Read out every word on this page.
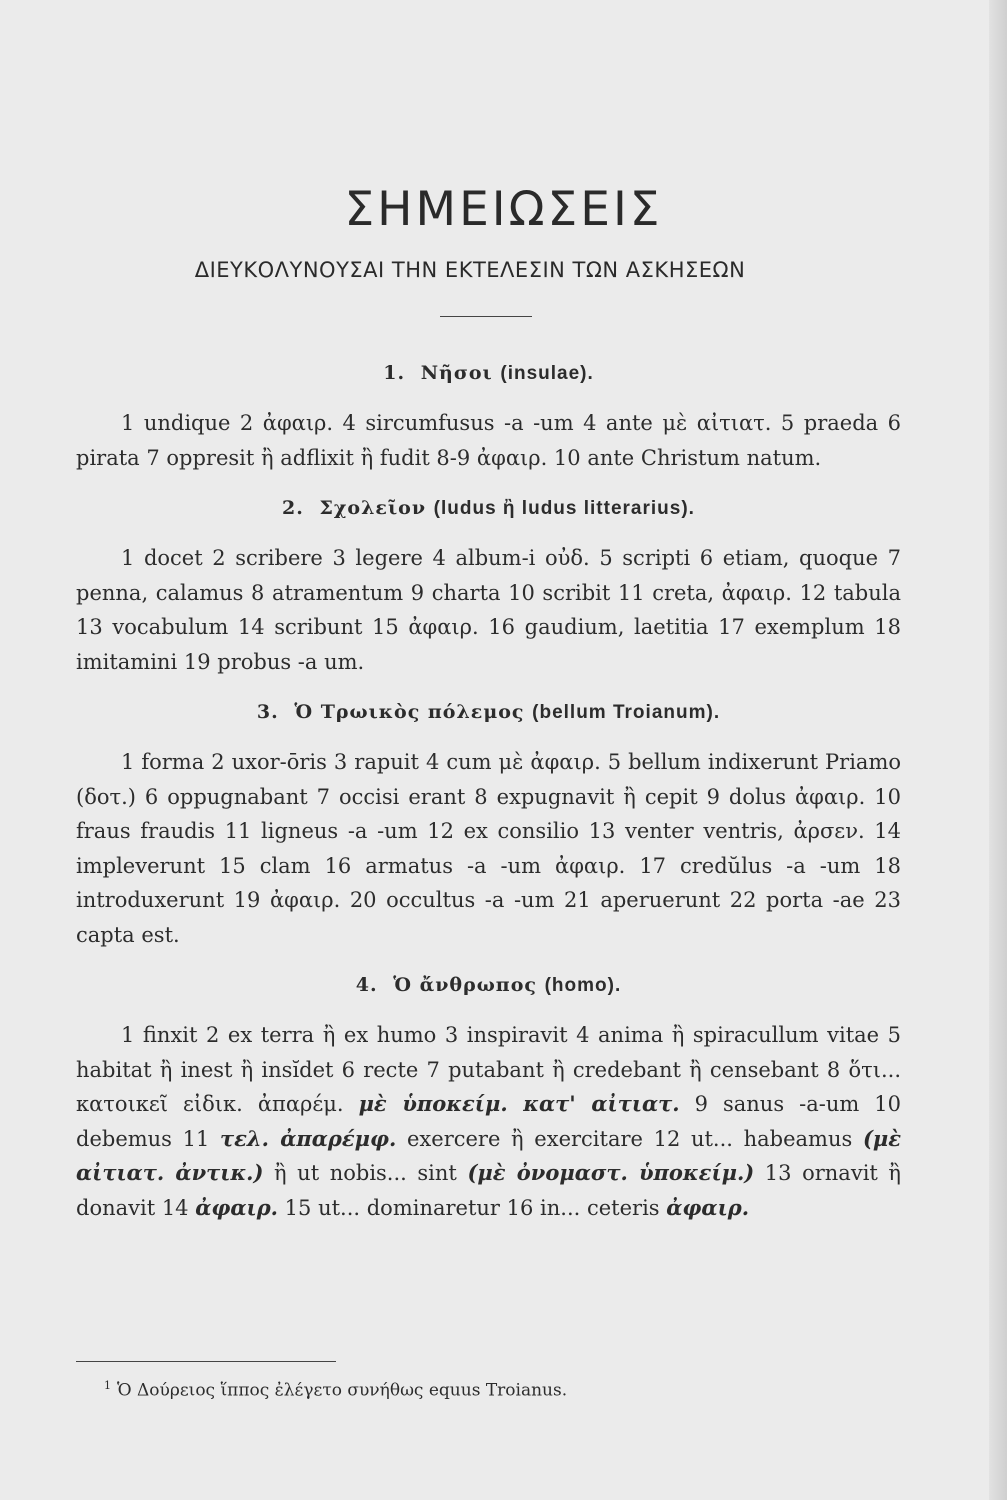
ΣΗΜΕΙΩΣΕΙΣ
ΔΙΕΥΚΟΛΥΝΟΥΣΑΙ ΤΗΝ ΕΚΤΕΛΕΣΙΝ ΤΩΝ ΑΣΚΗΣΕΩΝ
1. Νῆσοι (insulae).

1 undique 2 ἀφαιρ. 4 sircumfusus -a -um 4 ante μὲ αἰτιατ. 5 praeda 6 pirata 7 oppresit ἢ adflixit ἢ fudit 8-9 ἀφαιρ. 10 ante Christum natum.

2. Σχολεῖον (ludus ἢ ludus litterarius).

1 docet 2 scribere 3 legere 4 album-i οὐδ. 5 scripti 6 etiam, quoque 7 penna, calamus 8 atramentum 9 charta 10 scribit 11 creta, ἀφαιρ. 12 tabula 13 vocabulum 14 scribunt 15 ἀφαιρ. 16 gaudium, laetitia 17 exemplum 18 imitamini 19 probus -a um.

3. Ὁ Τρωικὸς πόλεμος (bellum Troianum).

1 forma 2 uxor-ōris 3 rapuit 4 cum μὲ ἀφαιρ. 5 bellum indixerunt Priamo (δοτ.) 6 oppugnabant 7 occisi erant 8 expugnavit ἢ cepit 9 dolus ἀφαιρ. 10 fraus fraudis 11 ligneus -a -um 12 ex consilio 13 venter ventris, ἀρσεν. 14 impleverunt 15 clam 16 armatus -a -um ἀφαιρ. 17 credŭlus -a -um 18 introduxerunt 19 ἀφαιρ. 20 occultus -a -um 21 aperuerunt 22 porta -ae 23 capta est.

4. Ὁ ἄνθρωπος (homo).

1 finxit 2 ex terra ἢ ex humo 3 inspiravit 4 anima ἢ spiracullum vitae 5 habitat ἢ inest ἢ insĭdet 6 recte 7 putabant ἢ credebant ἢ censebant 8 ὅτι... κατοικεῖ εἰδικ. ἀπαρέμ. μὲ ὑποκείμ. κατ' αἰτιατ. 9 sanus -a-um 10 debemus 11 τελ. ἀπαρέμφ. exercere ἢ exercitare 12 ut... habeamus (μὲ αἰτιατ. ἀντικ.) ἢ ut nobis... sint (μὲ ὀνομαστ. ὑποκείμ.) 13 ornavit ἢ donavit 14 ἀφαιρ. 15 ut... dominaretur 16 in... ceteris ἀφαιρ.

$^1$ Ὁ Δούρειος ἵππος ἐλέγετο συνήθως equus Troianus.
